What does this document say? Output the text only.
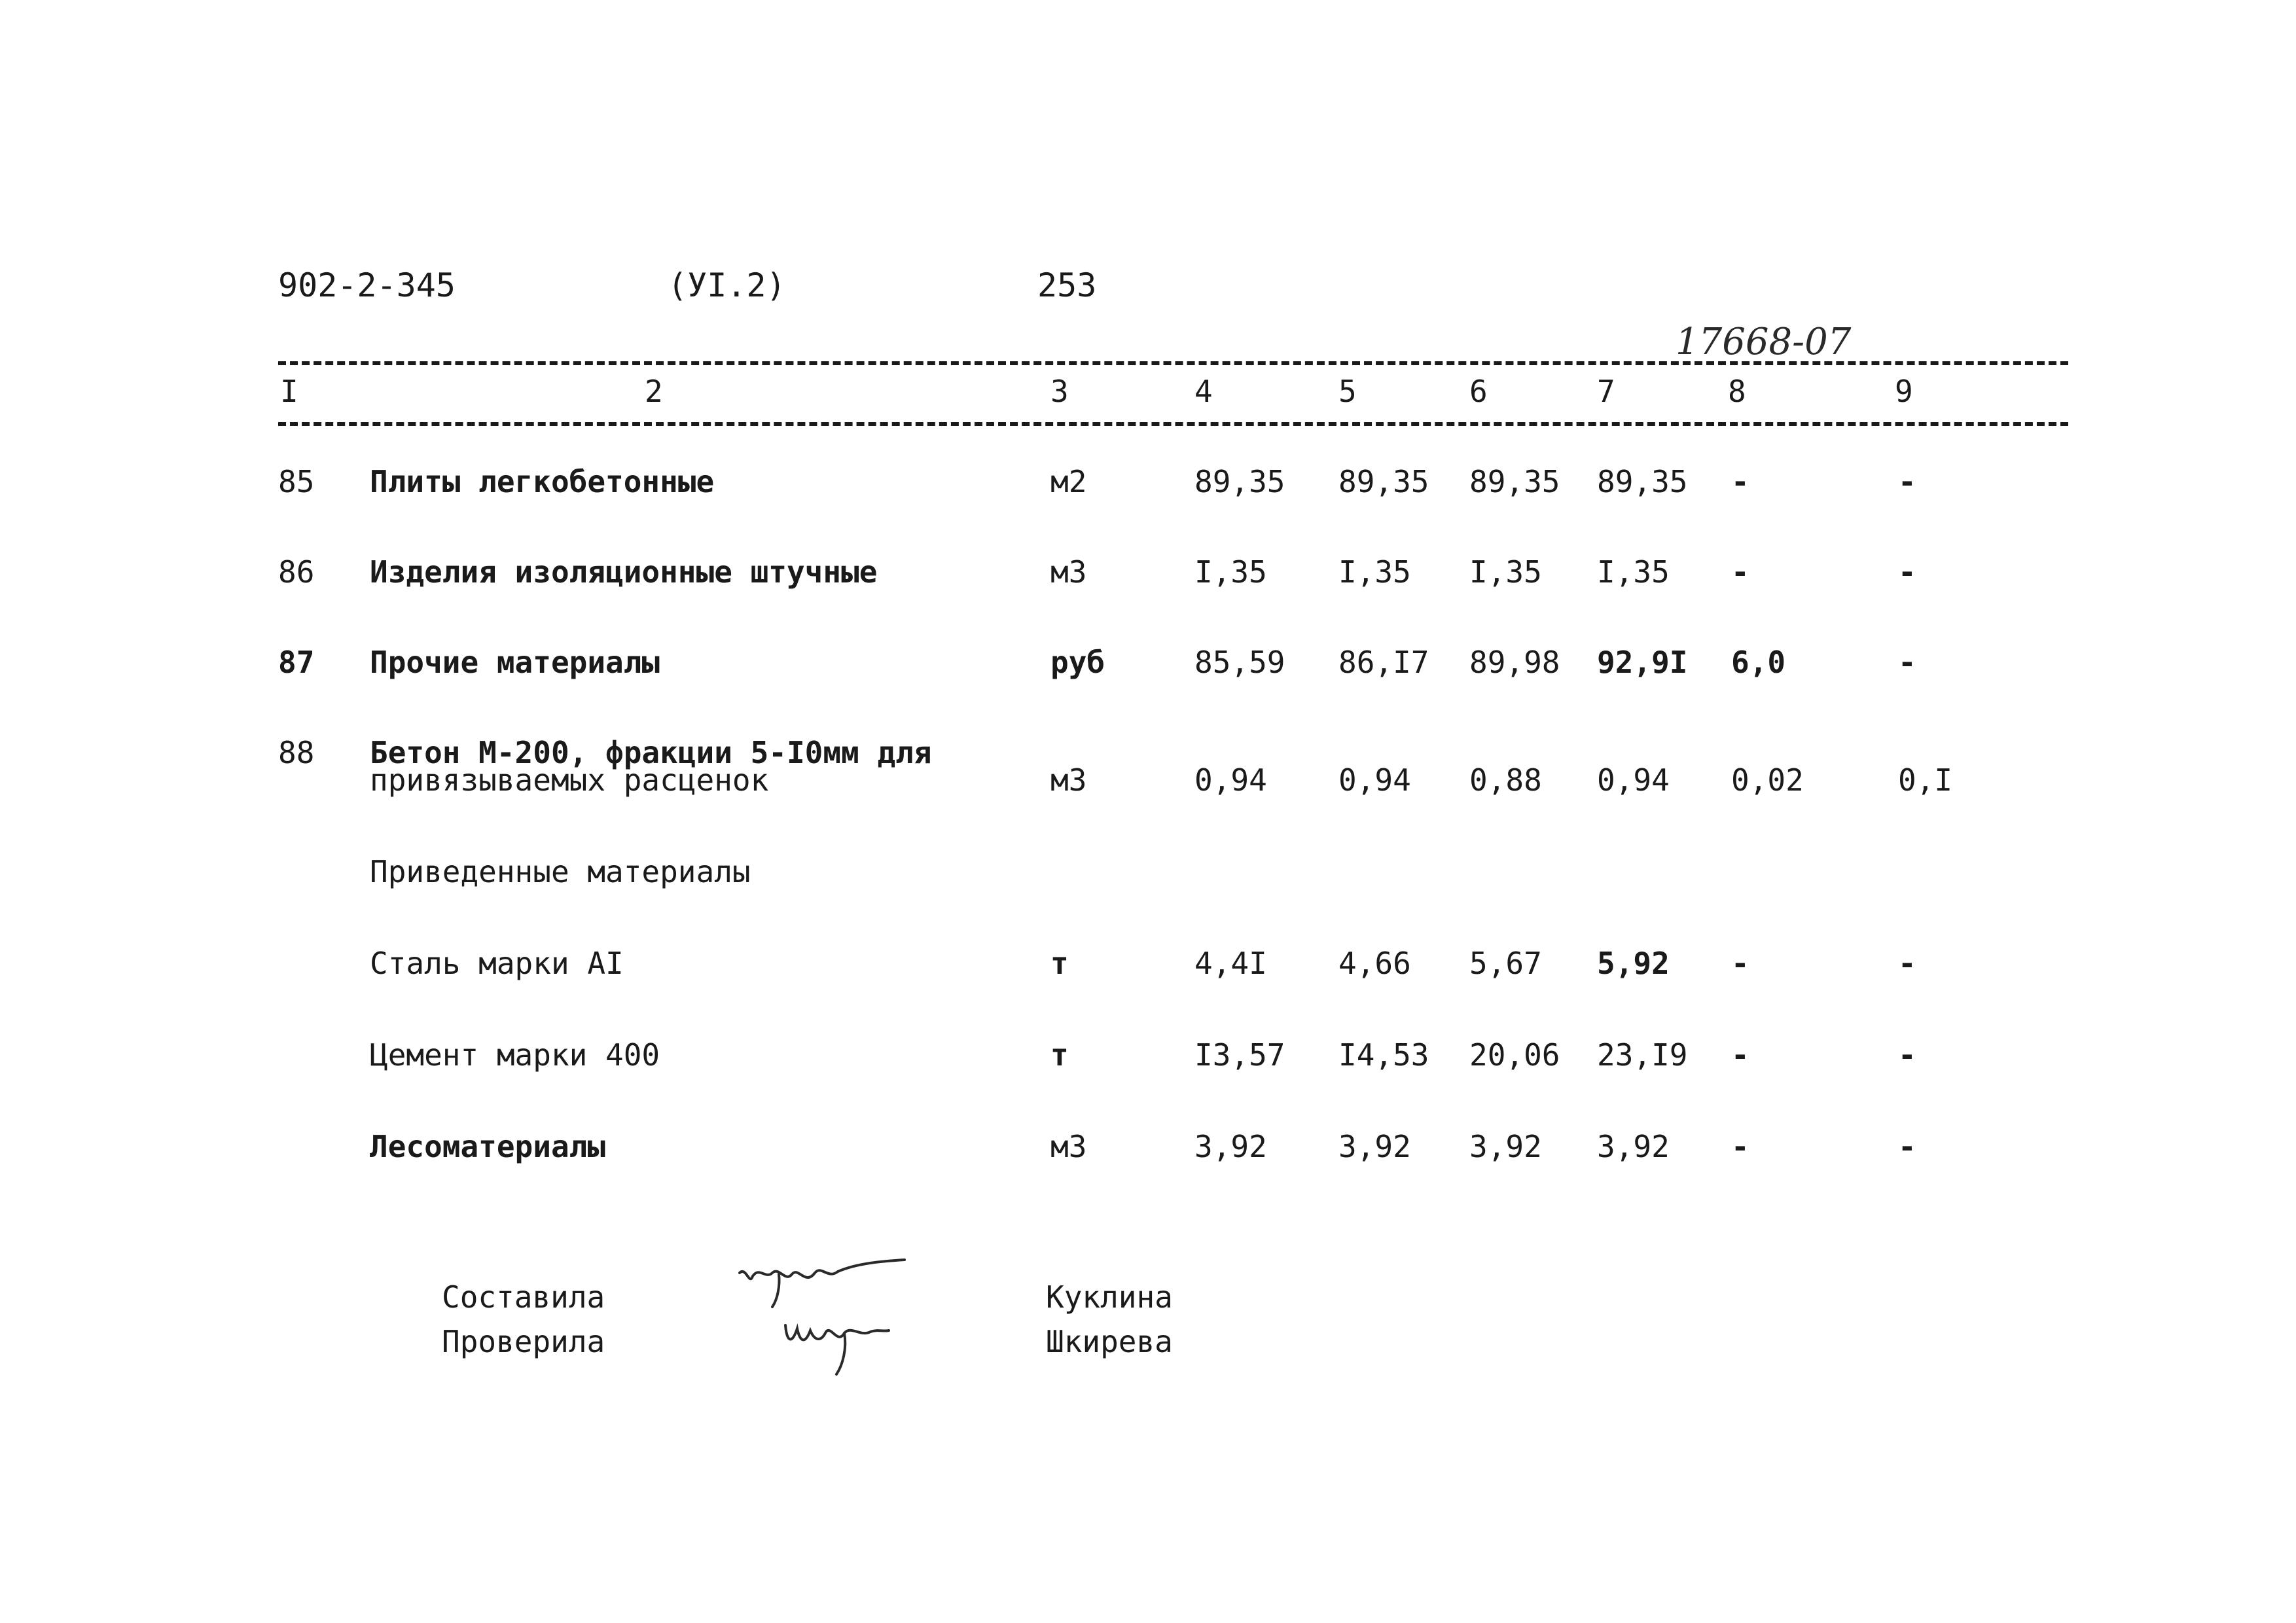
902-2-345	(УI.2)	253
17668-07
I	2	3	4	5	6	7	8	9
85 Плиты легкобетонные	м2	89,35 89,35 89,35 89,35 -	-
86 Изделия изоляционные штучные	м3	I,35 I,35 I,35 I,35 -	-
87 Прочие материалы	руб	85,59 86,I7 89,98 92,9I 6,0	-
88 Бетон М-200, фракции 5-I0мм для
привязываемых расценок	м3	0,94 0,94 0,88 0,94 0,02	0,I
Приведенные материалы
Сталь марки АI	т	4,4I 4,66 5,67 5,92 -	-
Цемент марки 400	т	I3,57 I4,53 20,06 23,I9 -	-
Лесоматериалы	м3	3,92 3,92 3,92 3,92 -	-
Составила
Проверила
Куклина
Шкирева
